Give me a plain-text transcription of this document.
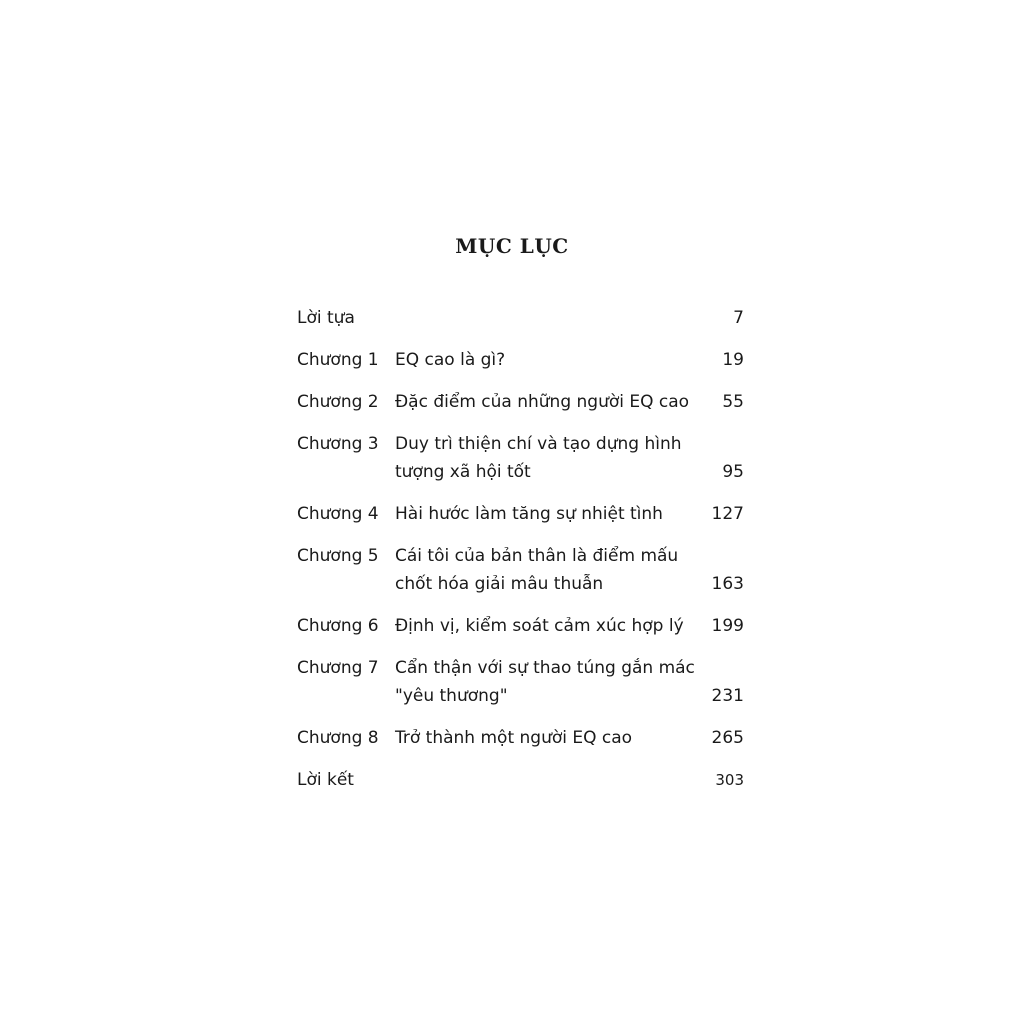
MỤC LỤC
Lời tựa	7
Chương 1 EQ cao là gì?	19
Chương 2 Đặc điểm của những người EQ cao	55
Chương 3 Duy trì thiện chí và tạo dựng hình
tượng xã hội tốt	95
Chương 4 Hài hước làm tăng sự nhiệt tình	127
Chương 5 Cái tôi của bản thân là điểm mấu
chốt hóa giải mâu thuẫn	163
Chương 6 Định vị, kiểm soát cảm xúc hợp lý	199
Chương 7 Cẩn thận với sự thao túng gắn mác
"yêu thương"	231
Chương 8 Trở thành một người EQ cao	265
Lời kết	303
